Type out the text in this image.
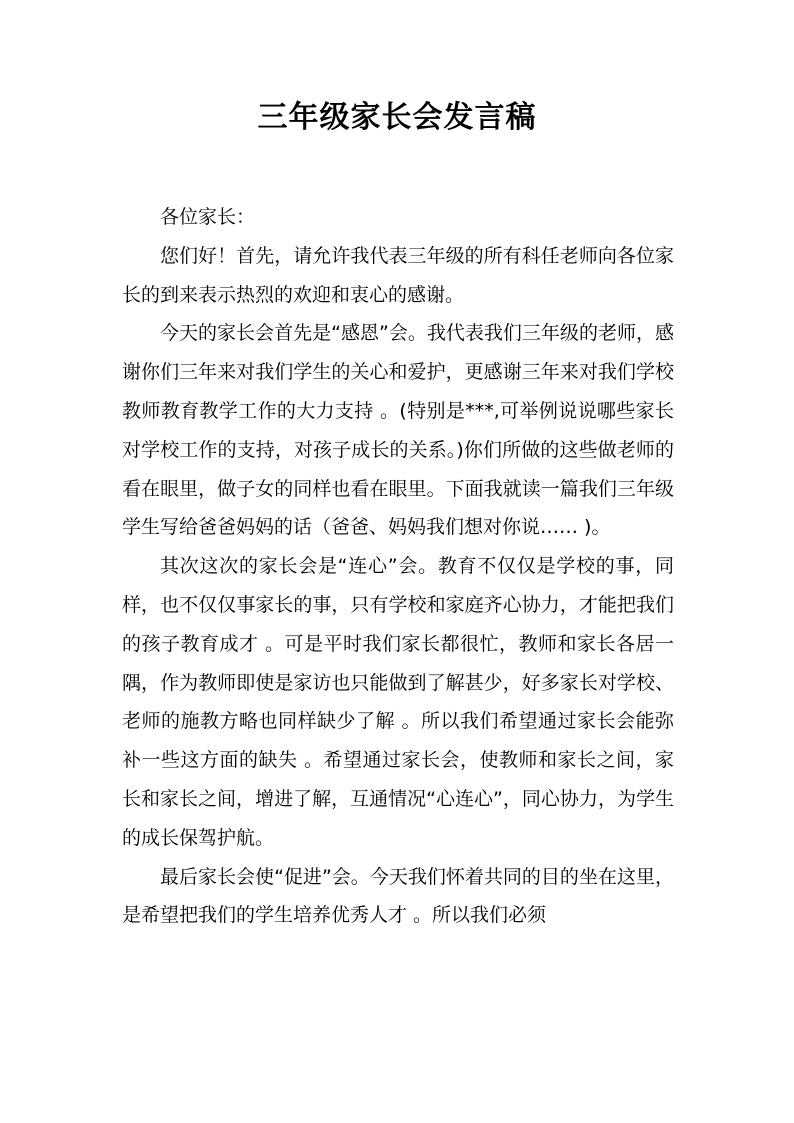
三年级家长会发言稿

各位家长：

您们好！首先，请允许我代表三年级的所有科任老师向各位家长的到来表示热烈的欢迎和衷心的感谢。

今天的家长会首先是“感恩”会。我代表我们三年级的老师，感谢你们三年来对我们学生的关心和爱护，更感谢三年来对我们学校教师教育教学工作的大力支持 。(特别是***,可举例说说哪些家长对学校工作的支持，对孩子成长的关系。)你们所做的这些做老师的看在眼里，做子女的同样也看在眼里。下面我就读一篇我们三年级学生写给爸爸妈妈的话（爸爸、妈妈我们想对你说…… )。

其次这次的家长会是“连心”会。教育不仅仅是学校的事，同样，也不仅仅事家长的事，只有学校和家庭齐心协力，才能把我们的孩子教育成才 。可是平时我们家长都很忙，教师和家长各居一隅，作为教师即使是家访也只能做到了解甚少，好多家长对学校、老师的施教方略也同样缺少了解 。所以我们希望通过家长会能弥补一些这方面的缺失 。希望通过家长会，使教师和家长之间，家长和家长之间，增进了解，互通情况“心连心”，同心协力，为学生的成长保驾护航。

最后家长会使“促进”会。今天我们怀着共同的目的坐在这里，是希望把我们的学生培养优秀人才 。所以我们必须
